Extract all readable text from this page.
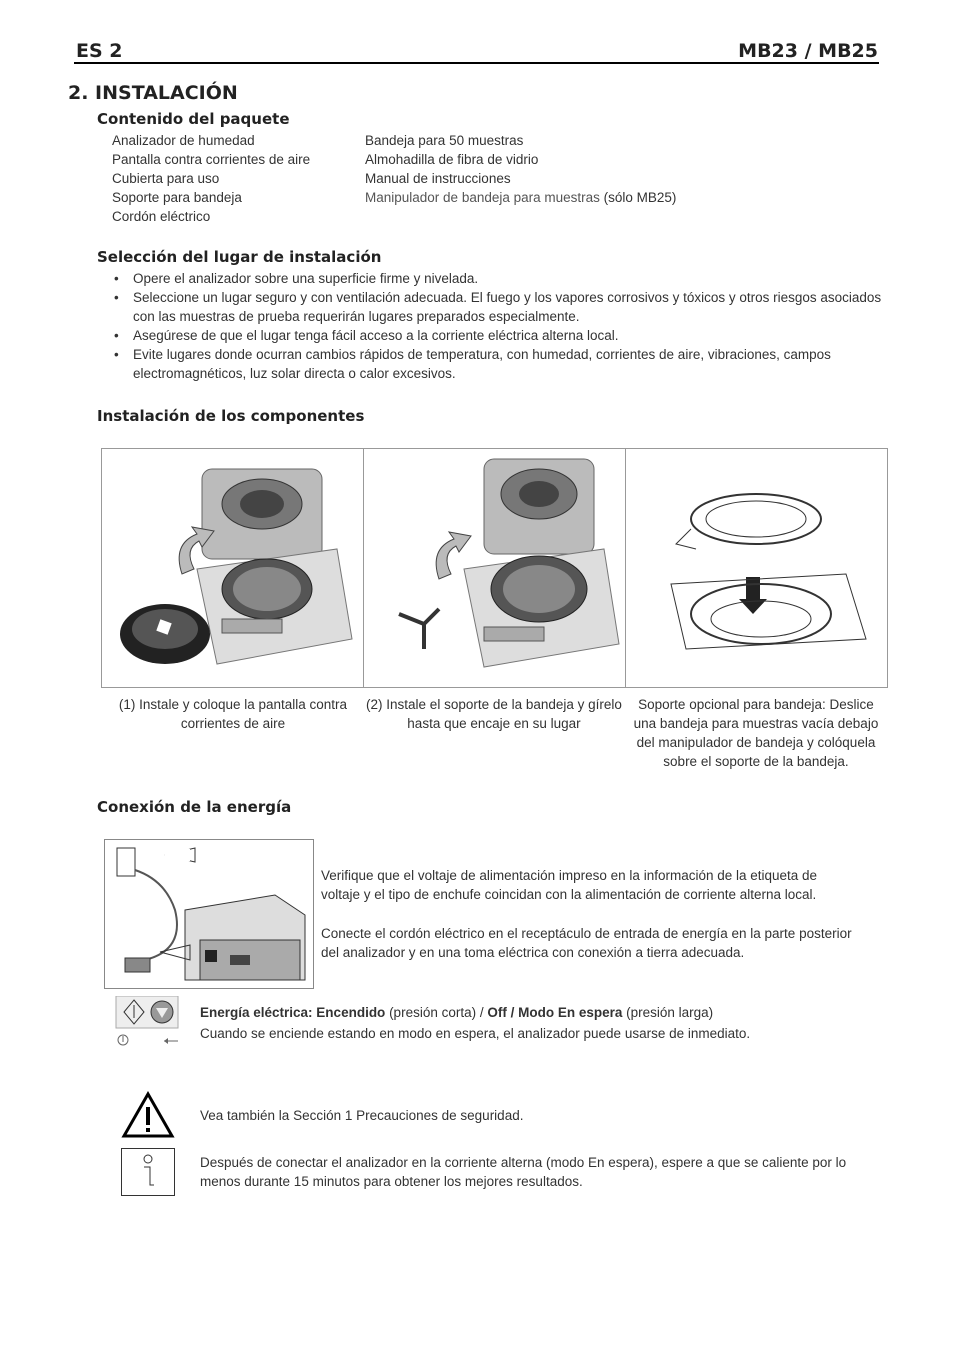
ES 2	MB23 / MB25
2. INSTALACIÓN
Contenido del paquete
Analizador de humedad
Pantalla contra corrientes de aire
Cubierta para uso
Soporte para bandeja
Cordón eléctrico
Bandeja para 50 muestras
Almohadilla de fibra de vidrio
Manual de instrucciones
Manipulador de bandeja para muestras (sólo MB25)
Selección del lugar de instalación
• Opere el analizador sobre una superficie firme y nivelada.
• Seleccione un lugar seguro y con ventilación adecuada. El fuego y los vapores corrosivos y tóxicos y otros riesgos asociados con las muestras de prueba requerirán lugares preparados especialmente.
• Asegúrese de que el lugar tenga fácil acceso a la corriente eléctrica alterna local.
• Evite lugares donde ocurran cambios rápidos de temperatura, con humedad, corrientes de aire, vibraciones, campos electromagnéticos, luz solar directa o calor excesivos.
Instalación de los componentes
(1) Instale y coloque la pantalla contra corrientes de aire
(2) Instale el soporte de la bandeja y gírelo hasta que encaje en su lugar
Soporte opcional para bandeja: Deslice una bandeja para muestras vacía debajo del manipulador de bandeja y colóquela sobre el soporte de la bandeja.
Conexión de la energía
Verifique que el voltaje de alimentación impreso en la información de la etiqueta de voltaje y el tipo de enchufe coincidan con la alimentación de corriente alterna local.
Conecte el cordón eléctrico en el receptáculo de entrada de energía en la parte posterior del analizador y en una toma eléctrica con conexión a tierra adecuada.
Energía eléctrica: Encendido (presión corta) / Off / Modo En espera (presión larga)
Cuando se enciende estando en modo en espera, el analizador puede usarse de inmediato.
Vea también la Sección 1 Precauciones de seguridad.
Después de conectar el analizador en la corriente alterna (modo En espera), espere a que se caliente por lo menos durante 15 minutos para obtener los mejores resultados.
